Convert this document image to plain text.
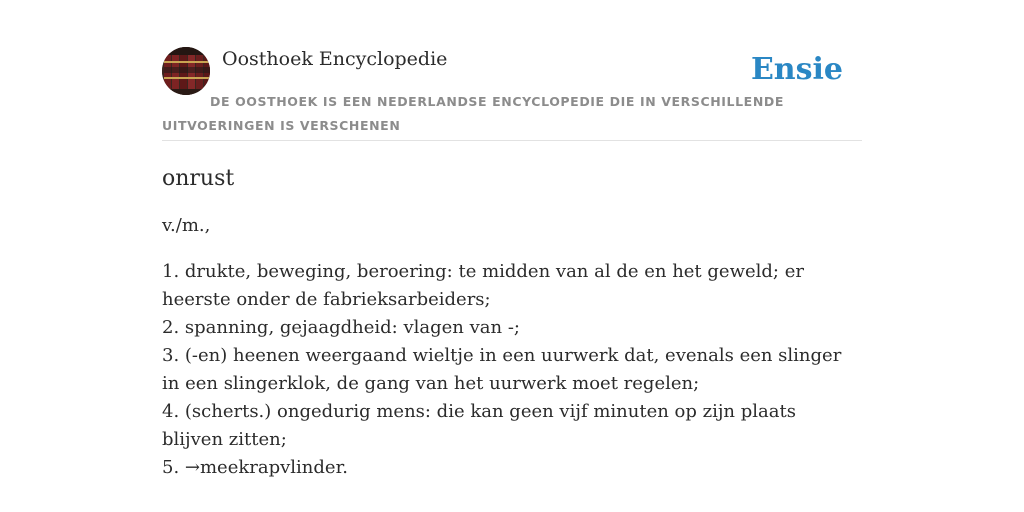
Oosthoek Encyclopedie	Ensie
DE OOSTHOEK IS EEN NEDERLANDSE ENCYCLOPEDIE DIE IN VERSCHILLENDE UITVOERINGEN IS VERSCHENEN
onrust

v./m.,

1. drukte, beweging, beroering: te midden van al de en het geweld; er heerste onder de fabrieksarbeiders;
2. spanning, gejaagdheid: vlagen van -;
3. (-en) heenen weergaand wieltje in een uurwerk dat, evenals een slinger in een slingerklok, de gang van het uurwerk moet regelen;
4. (scherts.) ongedurig mens: die kan geen vijf minuten op zijn plaats blijven zitten;
5. →meekrapvlinder.
